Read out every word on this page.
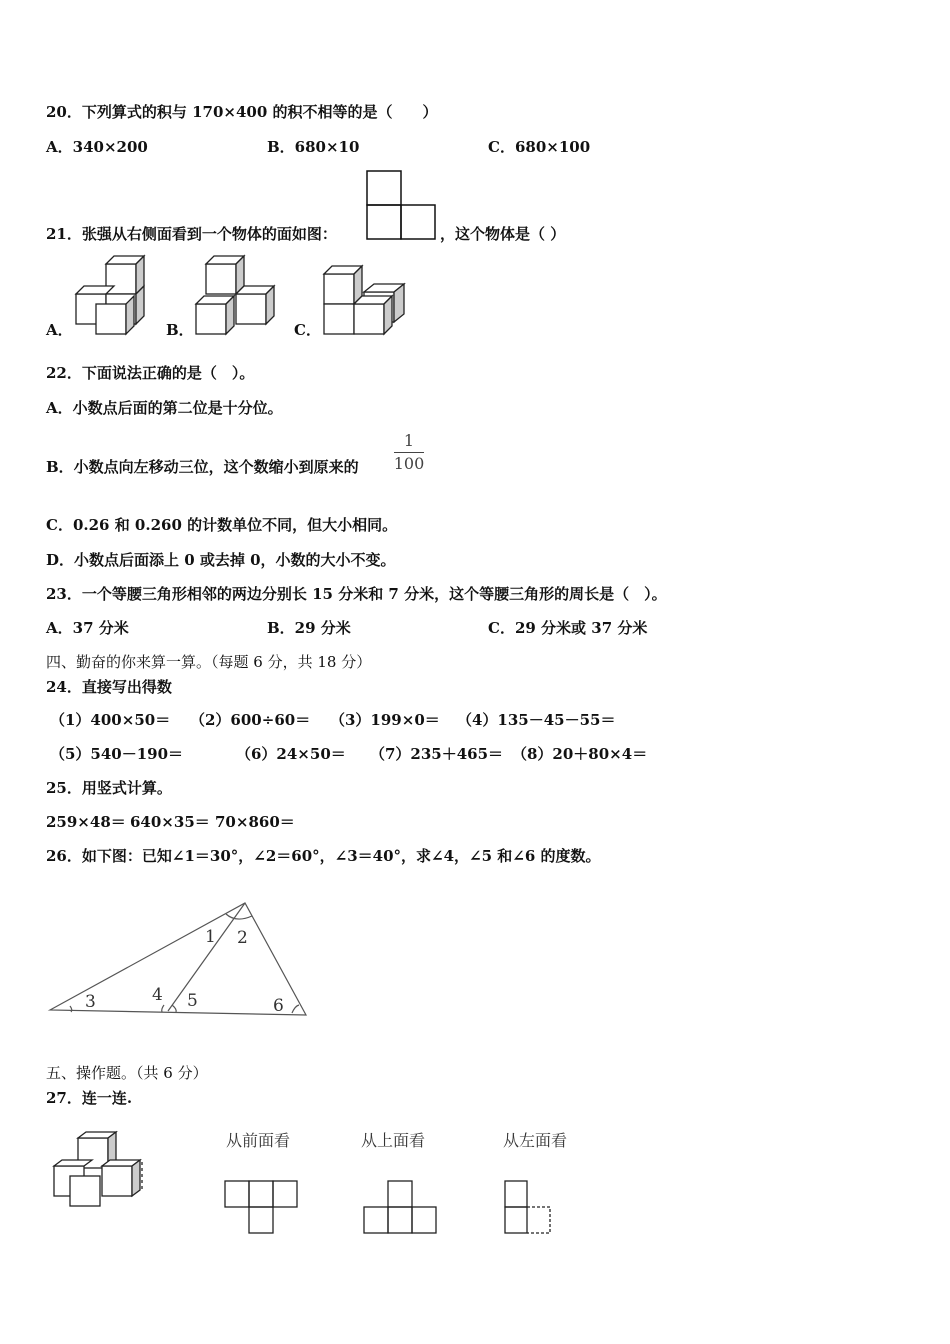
20．下列算式的积与 170×400 的积不相等的是（　　）
A．340×200	B．680×10	C．680×100
21．张强从右侧面看到一个物体的面如图：	，这个物体是（ ）
A．	B．	C．
22．下面说法正确的是（　）。
A．小数点后面的第二位是十分位。
B．小数点向左移动三位，这个数缩小到原来的
1
100
C．0.26 和 0.260 的计数单位不同，但大小相同。
D．小数点后面添上 0 或去掉 0，小数的大小不变。
23．一个等腰三角形相邻的两边分别长 15 分米和 7 分米，这个等腰三角形的周长是（　）。
A．37 分米	B．29 分米	C．29 分米或 37 分米
四、勤奋的你来算一算。（每题 6 分，共 18 分）
24．直接写出得数
（1）400×50＝ （2）600÷60＝ （3）199×0＝ （4）135－45－55＝
（5）540－190＝	（6）24×50＝ （7）235＋465＝ （8）20＋80×4＝
25．用竖式计算。
259×48＝ 640×35＝ 70×860＝
26．如下图：已知∠1＝30°，∠2＝60°，∠3＝40°，求∠4，∠5 和∠6 的度数。
1 2
3	4 5	6
五、操作题。（共 6 分）
27．连一连.
从前面看	从上面看	从左面看
